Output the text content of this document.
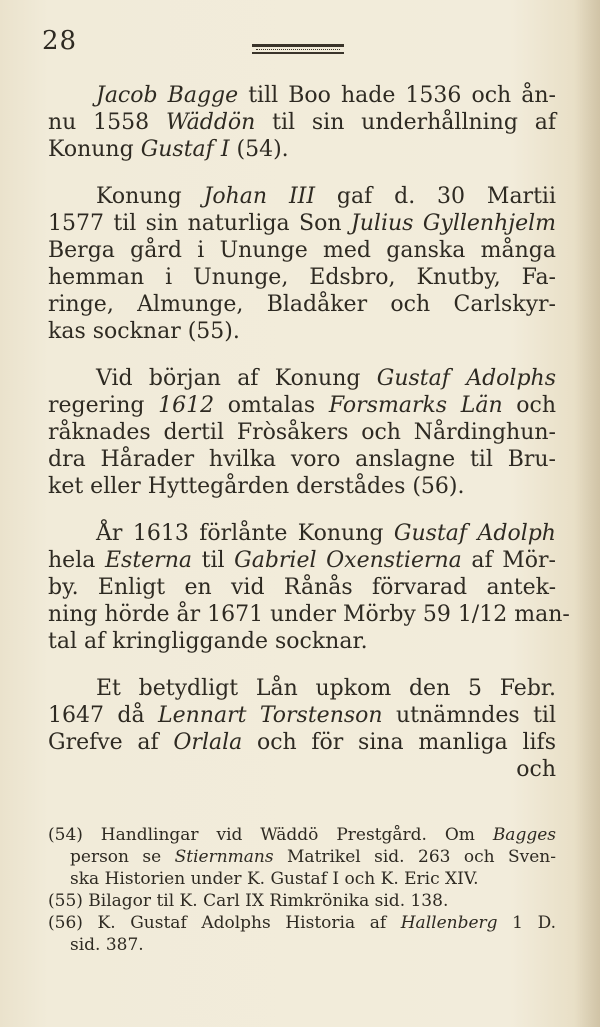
28
Jacob Bagge till Boo hade 1536 och ån-
nu 1558 Wäddön til sin underhållning af
Konung Gustaf I (54).
Konung Johan III gaf d. 30 Martii
1577 til sin naturliga Son Julius Gyllenhjelm
Berga gård i Ununge med ganska många
hemman i Ununge, Edsbro, Knutby, Fa-
ringe, Almunge, Bladåker och Carlskyr-
kas socknar (55).
Vid början af Konung Gustaf Adolphs
regering 1612 omtalas Forsmarks Län och
råknades dertil Fròsåkers och Nårdinghun-
dra Hårader hvilka voro anslagne til Bru-
ket eller Hyttegården derstådes (56).
År 1613 förlånte Konung Gustaf Adolph
hela Esterna til Gabriel Oxenstierna af Mör-
by. Enligt en vid Rånås förvarad antek-
ning hörde år 1671 under Mörby 59 1/12 man-
tal af kringliggande socknar.
Et betydligt Lån upkom den 5 Febr.
1647 då Lennart Torstenson utnämndes til
Grefve af Orlala och för sina manliga lifs
och
(54) Handlingar vid Wäddö Prestgård. Om Bagges
person se Stiernmans Matrikel sid. 263 och Sven-
ska Historien under K. Gustaf I och K. Eric XIV.
(55) Bilagor til K. Carl IX Rimkrönika sid. 138.
(56) K. Gustaf Adolphs Historia af Hallenberg 1 D.
sid. 387.
